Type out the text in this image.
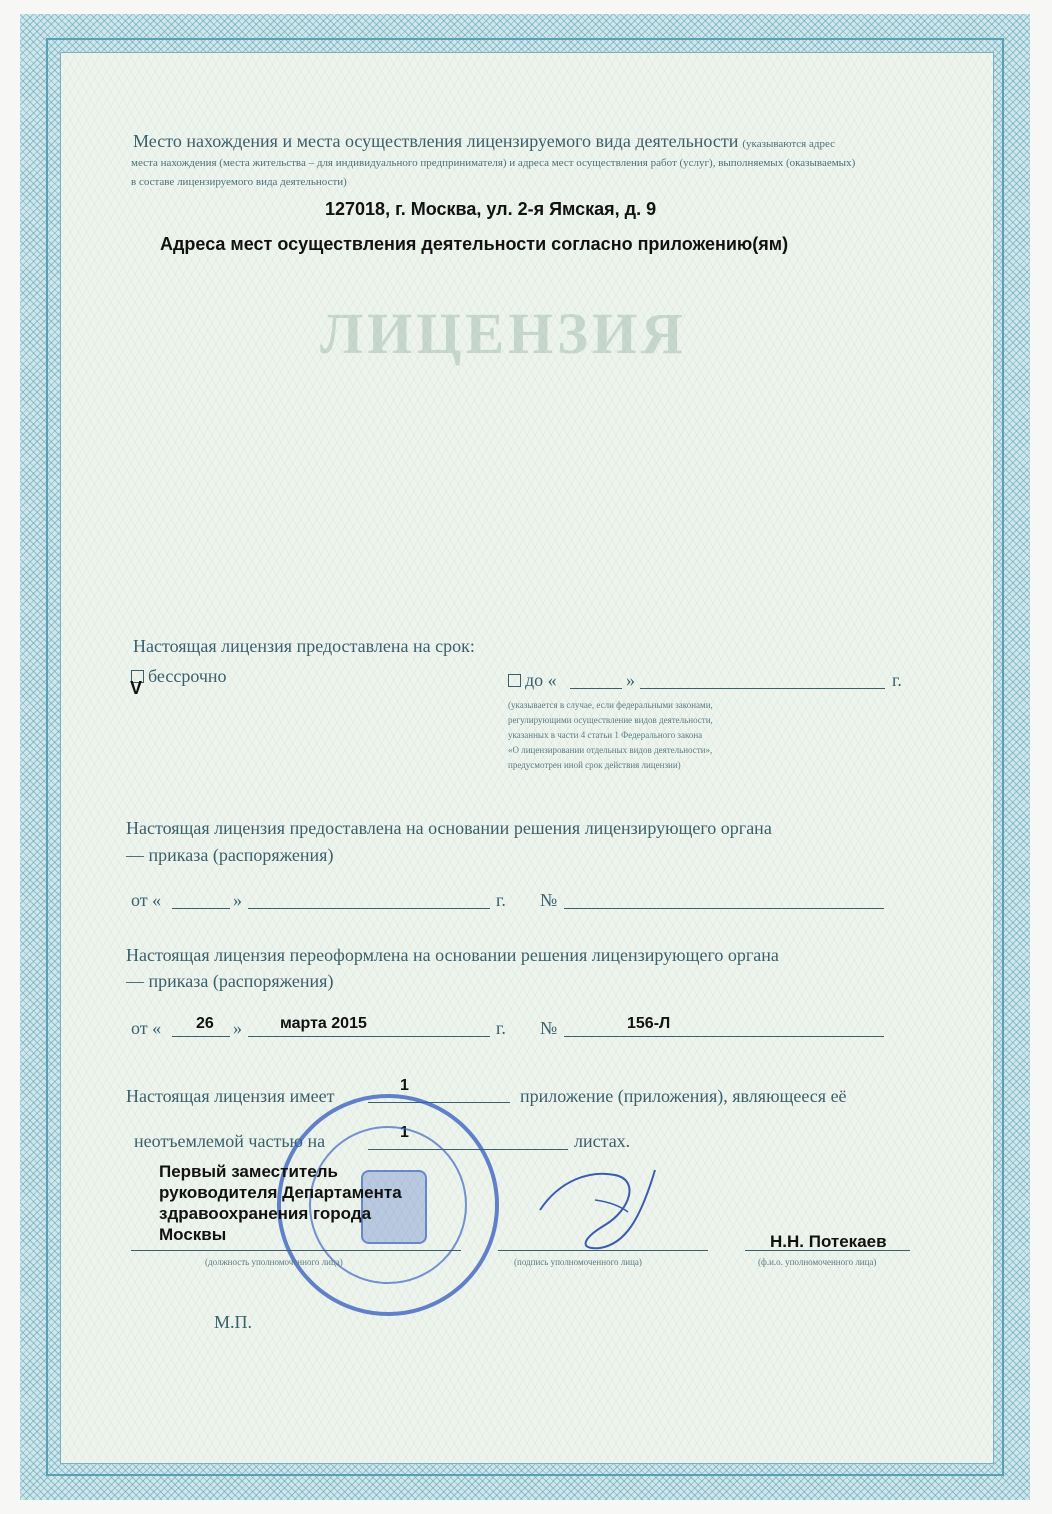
ЛИЦЕНЗИЯ
Место нахождения и места осуществления лицензируемого вида деятельности (указываются адрес
места нахождения (места жительства – для индивидуального предпринимателя) и адреса мест осуществления работ (услуг), выполняемых (оказываемых)
в составе лицензируемого вида деятельности)
127018, г. Москва, ул. 2-я Ямская, д. 9
Адреса мест осуществления деятельности согласно приложению(ям)
Настоящая лицензия предоставлена на срок:
бессрочно
V	до «	»	г.
(указывается в случае, если федеральными законами,
регулирующими осуществление видов деятельности,
указанных в части 4 статьи 1 Федерального закона
«О лицензировании отдельных видов деятельности»,
предусмотрен иной срок действия лицензии)
Настоящая лицензия предоставлена на основании решения лицензирующего органа
— приказа (распоряжения)
от «	»	г. №
Настоящая лицензия переоформлена на основании решения лицензирующего органа
— приказа (распоряжения)
от « 26 » марта 2015	г. №	156-Л
Настоящая лицензия имеет
1
приложение (приложения), являющееся её
неотъемлемой частью на	1	листах.
Первый заместитель
руководителя Департамента
здравоохранения города
Москвы	Н.Н. Потекаев
(должность уполномоченного лица)	(подпись уполномоченного лица)	(ф.и.о. уполномоченного лица)
М.П.
